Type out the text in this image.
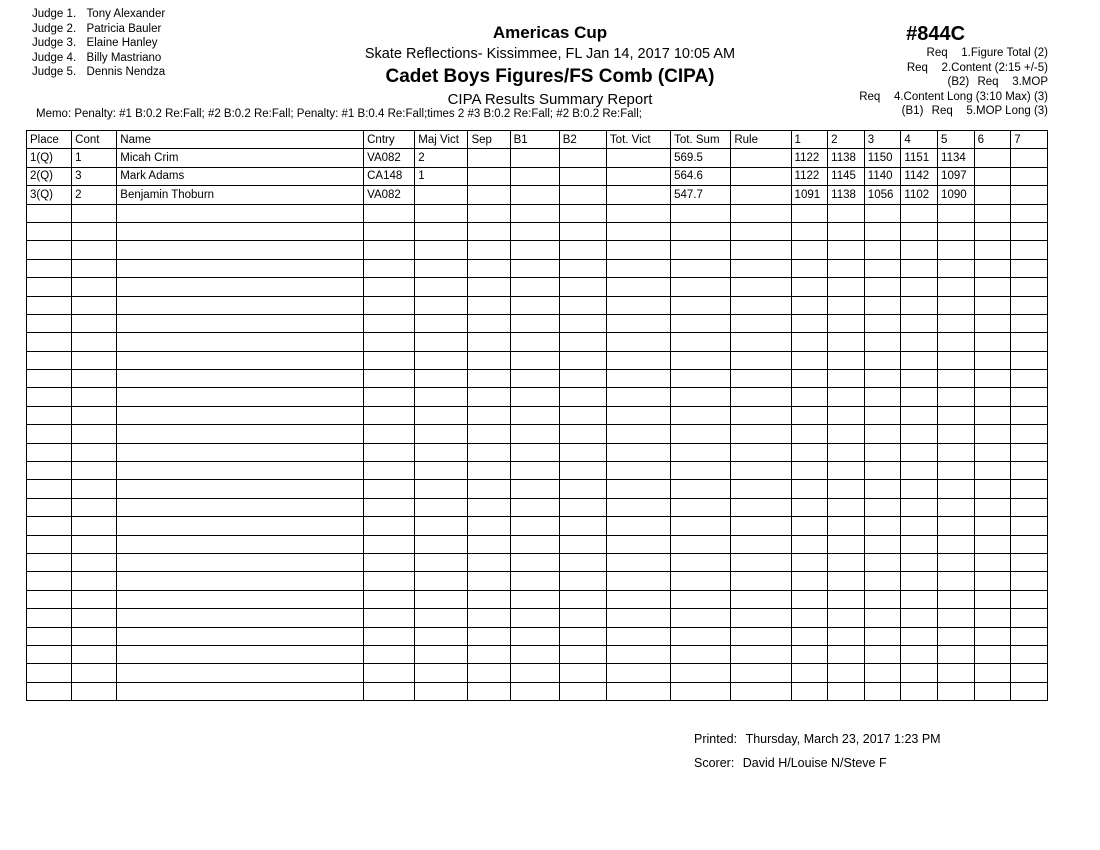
Judge 1. Tony Alexander
Judge 2. Patricia Bauler
Judge 3. Elaine Hanley
Judge 4. Billy Mastriano
Judge 5. Dennis Nendza
Americas Cup
Skate Reflections- Kissimmee, FL Jan 14, 2017 10:05 AM
Cadet Boys Figures/FS Comb (CIPA)
CIPA Results Summary Report
#844C
Req 1.Figure Total (2)
Req 2.Content (2:15 +/-5)
(B2) Req 3.MOP
Req 4.Content Long (3:10 Max) (3)
(B1) Req 5.MOP Long (3)
Memo: Penalty: #1 B:0.2 Re:Fall; #2 B:0.2 Re:Fall; Penalty: #1 B:0.4 Re:Fall;times 2 #3 B:0.2 Re:Fall; #2 B:0.2 Re:Fall;
Place	Cont	Name	Cntry	Maj Vict	Sep	B1	B2	Tot. Vict	Tot. Sum	Rule	1	2	3	4	5	6	7
1(Q)	1	Micah Crim	VA082	2					569.5		1122	1138	1150	1151	1134		
2(Q)	3	Mark Adams	CA148	1					564.6		1122	1145	1140	1142	1097		
3(Q)	2	Benjamin Thoburn	VA082						547.7		1091	1138	1056	1102	1090		

Printed: Thursday, March 23, 2017 1:23 PM
Scorer: David H/Louise N/Steve F
